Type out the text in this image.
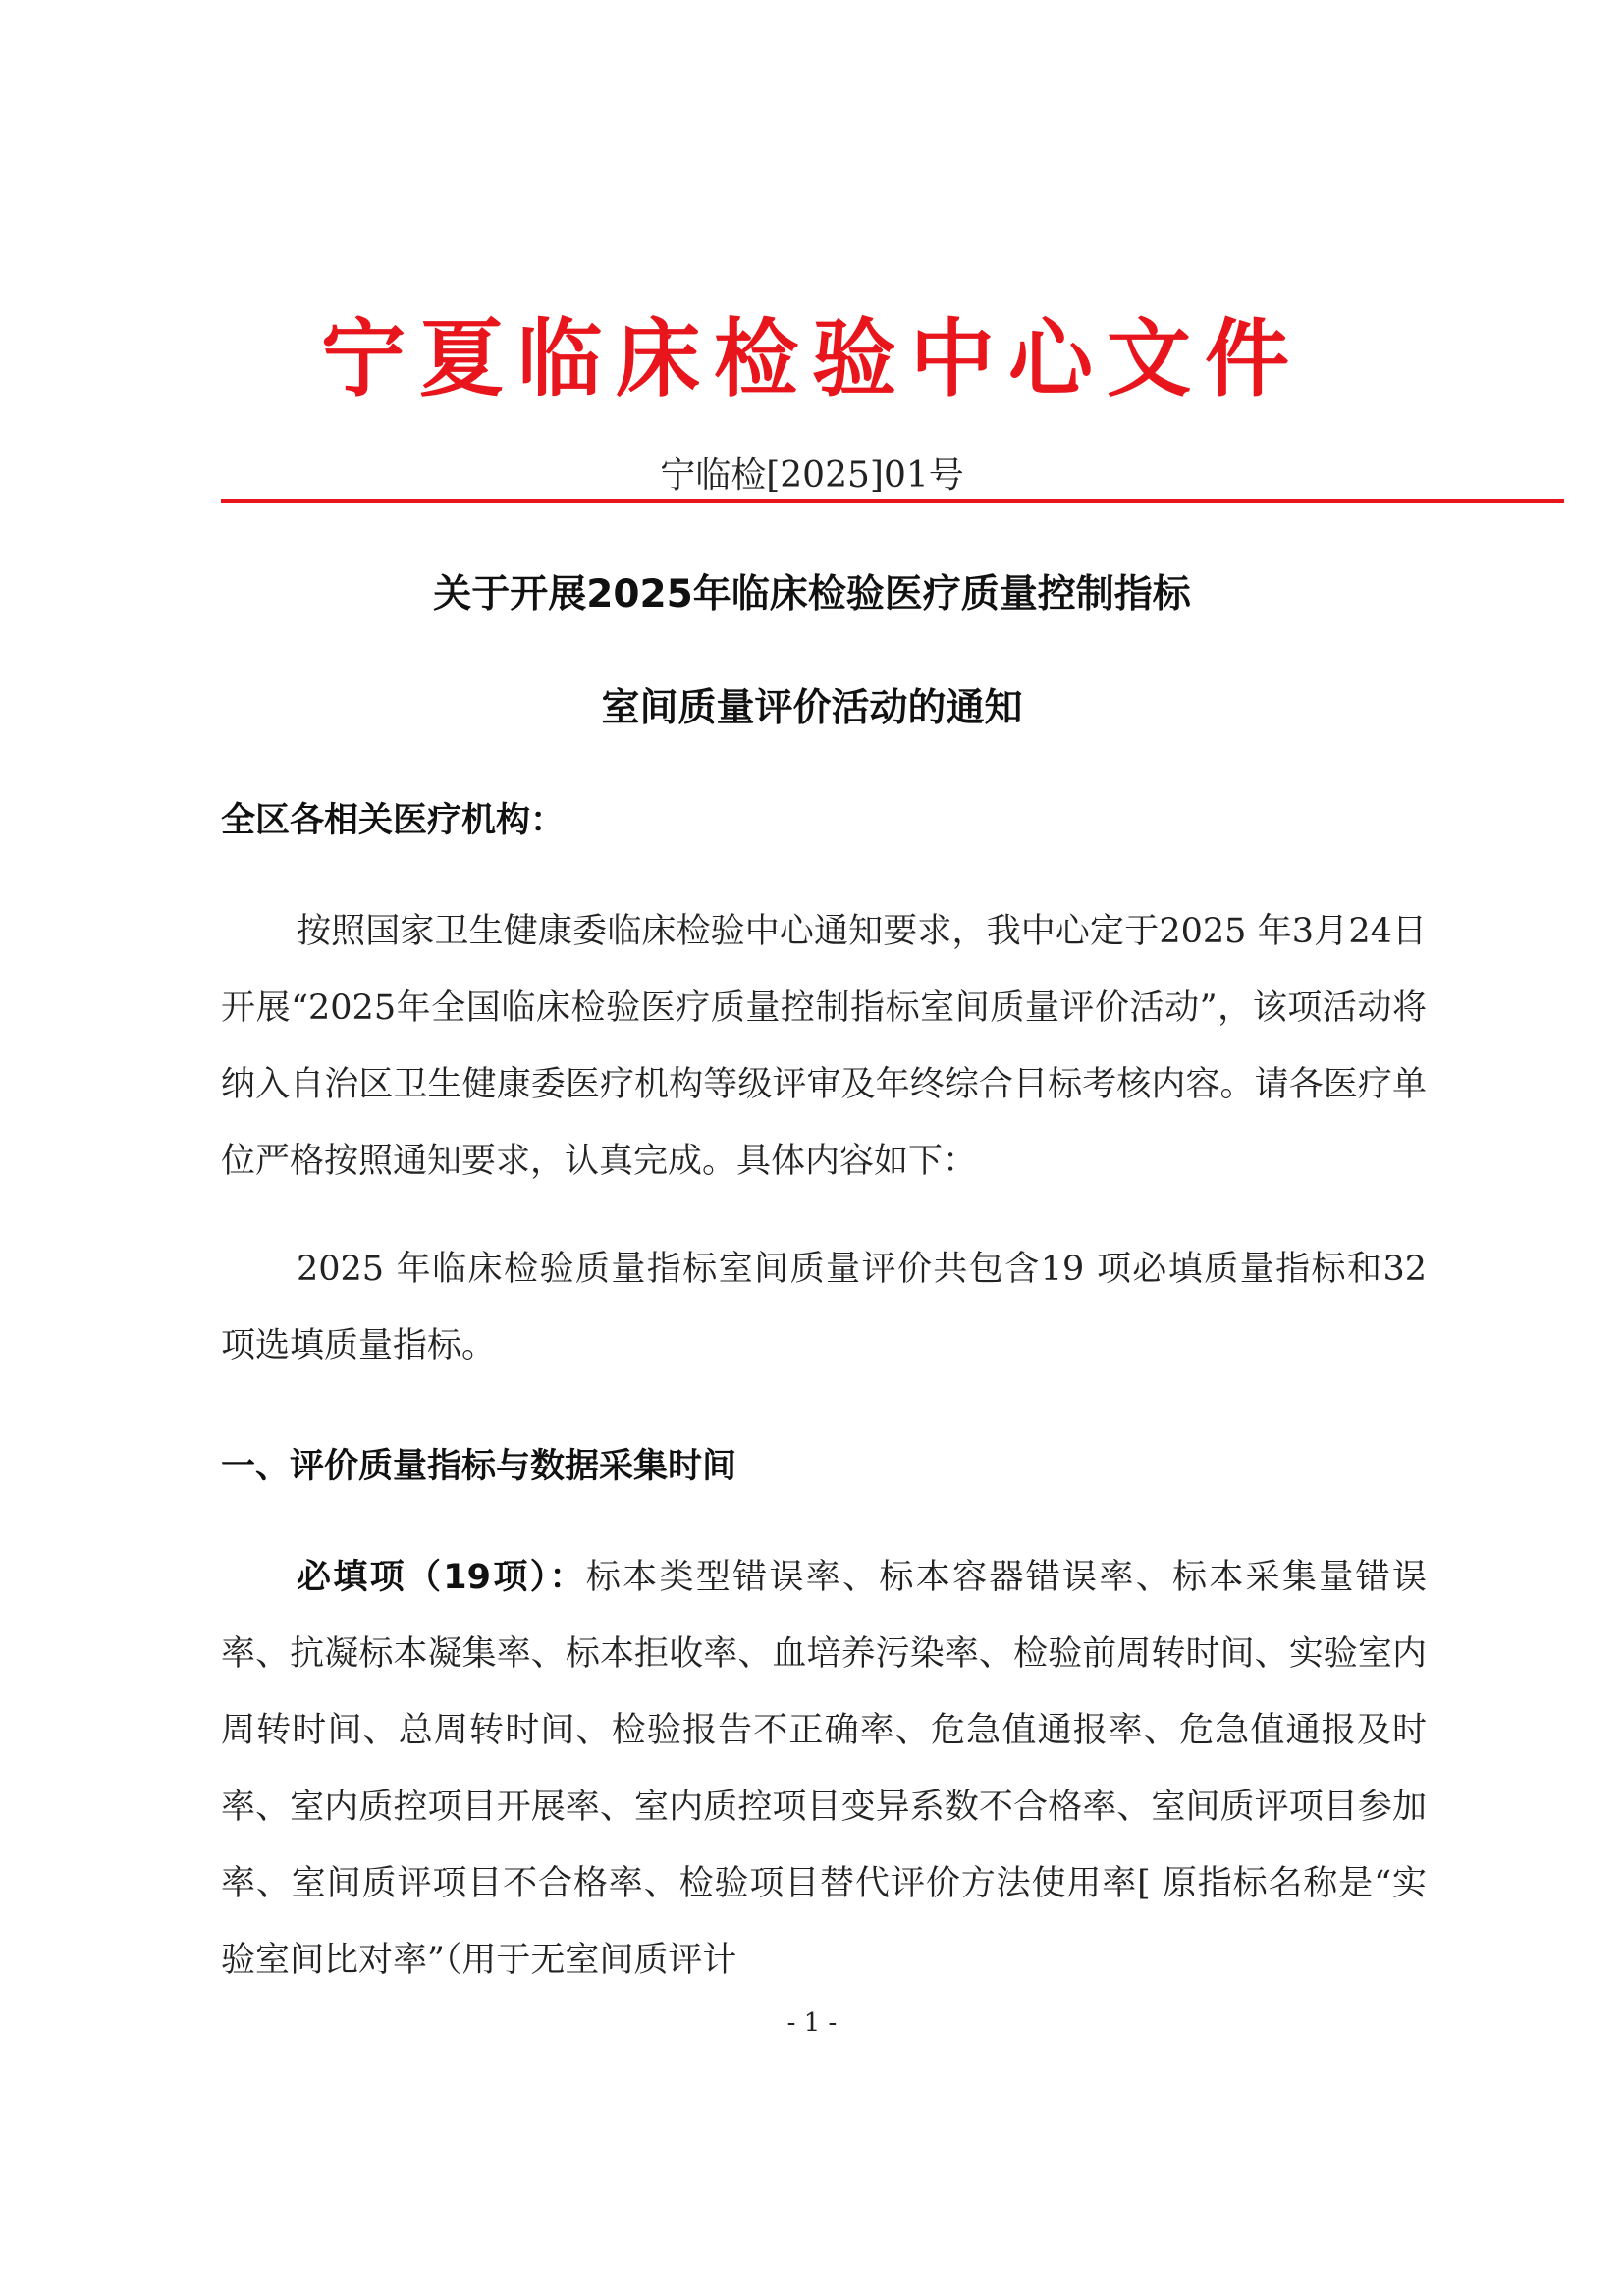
宁夏临床检验中心文件
宁临检[2025]01号
关于开展2025年临床检验医疗质量控制指标
室间质量评价活动的通知
全区各相关医疗机构：
按照国家卫生健康委临床检验中心通知要求，我中心定于2025 年3月24日开展“2025年全国临床检验医疗质量控制指标室间质量评价活动”，该项活动将纳入自治区卫生健康委医疗机构等级评审及年终综合目标考核内容。请各医疗单位严格按照通知要求，认真完成。具体内容如下：
2025 年临床检验质量指标室间质量评价共包含19 项必填质量指标和32 项选填质量指标。
一、评价质量指标与数据采集时间
必填项（19项）：标本类型错误率、标本容器错误率、标本采集量错误率、抗凝标本凝集率、标本拒收率、血培养污染率、检验前周转时间、实验室内周转时间、总周转时间、检验报告不正确率、危急值通报率、危急值通报及时率、室内质控项目开展率、室内质控项目变异系数不合格率、室间质评项目参加率、室间质评项目不合格率、检验项目替代评价方法使用率[ 原指标名称是“实验室间比对率”（用于无室间质评计
- 1 -
